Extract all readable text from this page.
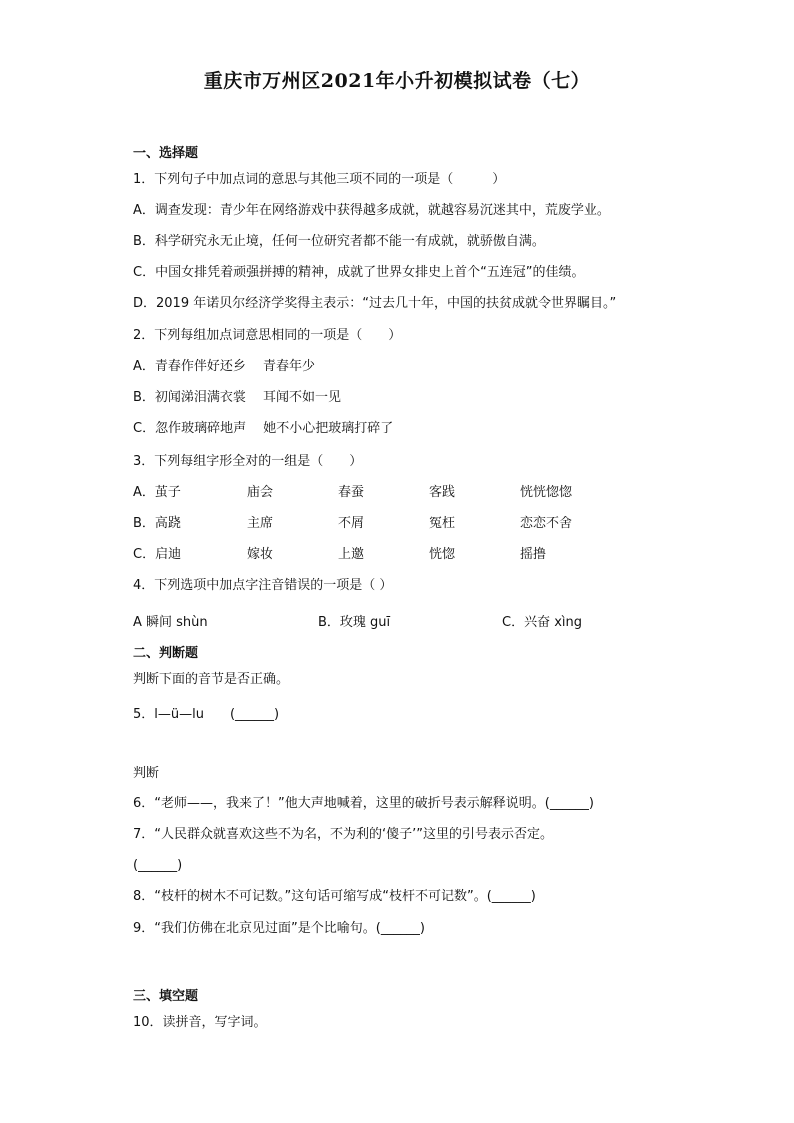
重庆市万州区2021年小升初模拟试卷（七）
一、选择题
1．下列句子中加点词的意思与其他三项不同的一项是（　　　）
A．调查发现：青少年在网络游戏中获得越多成就，就越容易沉迷其中，荒废学业。
B．科学研究永无止境，任何一位研究者都不能一有成就，就骄傲自满。
C．中国女排凭着顽强拼搏的精神，成就了世界女排史上首个“五连冠”的佳绩。
D．2019 年诺贝尔经济学奖得主表示：“过去几十年，中国的扶贫成就令世界瞩目。”
2．下列每组加点词意思相同的一项是（　　）
A．青春作伴好还乡　 青春年少
B．初闻涕泪满衣裳　 耳闻不如一见
C．忽作玻璃碎地声　 她不小心把玻璃打碎了
3．下列每组字形全对的一组是（　　）
A．茧子	庙会	春蚕	客践	恍恍惚惚
B．高跷	主席	不屑	冤枉	恋恋不舍
C．启迪	嫁妆	上邀	恍惚	摇撸
4．下列选项中加点字注音错误的一项是（ ）
A 瞬间 shùn	B．玫瑰 guī	C．兴奋 xìng
二、判断题
判断下面的音节是否正确。
5．l—ü—lu　　(______)
判断
6．“老师——，我来了！”他大声地喊着，这里的破折号表示解释说明。(______)
7．“人民群众就喜欢这些不为名，不为利的‘傻子’”这里的引号表示否定。
(______)
8．“枝杆的树木不可记数。”这句话可缩写成“枝杆不可记数”。(______)
9．“我们仿佛在北京见过面”是个比喻句。(______)
三、填空题
10．读拼音，写字词。
